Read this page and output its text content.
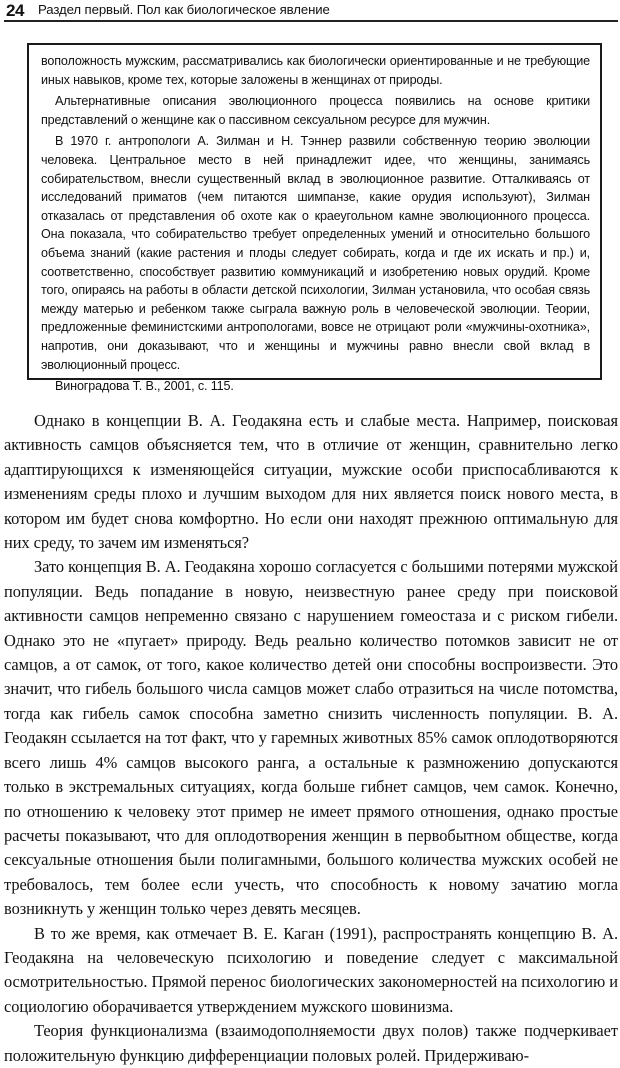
24 Раздел первый. Пол как биологическое явление

воположность мужским, рассматривались как биологически ориентированные и не требующие иных навыков, кроме тех, которые заложены в женщинах от природы.

Альтернативные описания эволюционного процесса появились на основе критики представлений о женщине как о пассивном сексуальном ресурсе для мужчин.

В 1970 г. антропологи А. Зилман и Н. Тэннер развили собственную теорию эволюции человека. Центральное место в ней принадлежит идее, что женщины, занимаясь собирательством, внесли существенный вклад в эволюционное развитие. Отталкиваясь от исследований приматов (чем питаются шимпанзе, какие орудия используют), Зилман отказалась от представления об охоте как о краеугольном камне эволюционного процесса. Она показала, что собирательство требует определенных умений и относительно большого объема знаний (какие растения и плоды следует собирать, когда и где их искать и пр.) и, соответственно, способствует развитию коммуникаций и изобретению новых орудий. Кроме того, опираясь на работы в области детской психологии, Зилман установила, что особая связь между матерью и ребенком также сыграла важную роль в человеческой эволюции. Теории, предложенные феминистскими антропологами, вовсе не отрицают роли «мужчины-охотника», напротив, они доказывают, что и женщины и мужчины равно внесли свой вклад в эволюционный процесс.

Виноградова Т. В., 2001, с. 115.

Однако в концепции В. А. Геодакяна есть и слабые места. Например, поисковая активность самцов объясняется тем, что в отличие от женщин, сравнительно легко адаптирующихся к изменяющейся ситуации, мужские особи приспосабливаются к изменениям среды плохо и лучшим выходом для них является поиск нового места, в котором им будет снова комфортно. Но если они находят прежнюю оптимальную для них среду, то зачем им изменяться?

Зато концепция В. А. Геодакяна хорошо согласуется с большими потерями мужской популяции. Ведь попадание в новую, неизвестную ранее среду при поисковой активности самцов непременно связано с нарушением гомеостаза и с риском гибели. Однако это не «пугает» природу. Ведь реально количество потомков зависит не от самцов, а от самок, от того, какое количество детей они способны воспроизвести. Это значит, что гибель большого числа самцов может слабо отразиться на числе потомства, тогда как гибель самок способна заметно снизить численность популяции. В. А. Геодакян ссылается на тот факт, что у гаремных животных 85% самок оплодотворяются всего лишь 4% самцов высокого ранга, а остальные к размножению допускаются только в экстремальных ситуациях, когда больше гибнет самцов, чем самок. Конечно, по отношению к человеку этот пример не имеет прямого отношения, однако простые расчеты показывают, что для оплодотворения женщин в первобытном обществе, когда сексуальные отношения были полигамными, большого количества мужских особей не требовалось, тем более если учесть, что способность к новому зачатию могла возникнуть у женщин только через девять месяцев.

В то же время, как отмечает В. Е. Каган (1991), распространять концепцию В. А. Геодакяна на человеческую психологию и поведение следует с максимальной осмотрительностью. Прямой перенос биологических закономерностей на психологию и социологию оборачивается утверждением мужского шовинизма.

Теория функционализма (взаимодополняемости двух полов) также подчеркивает положительную функцию дифференциации половых ролей. Придерживаю-
